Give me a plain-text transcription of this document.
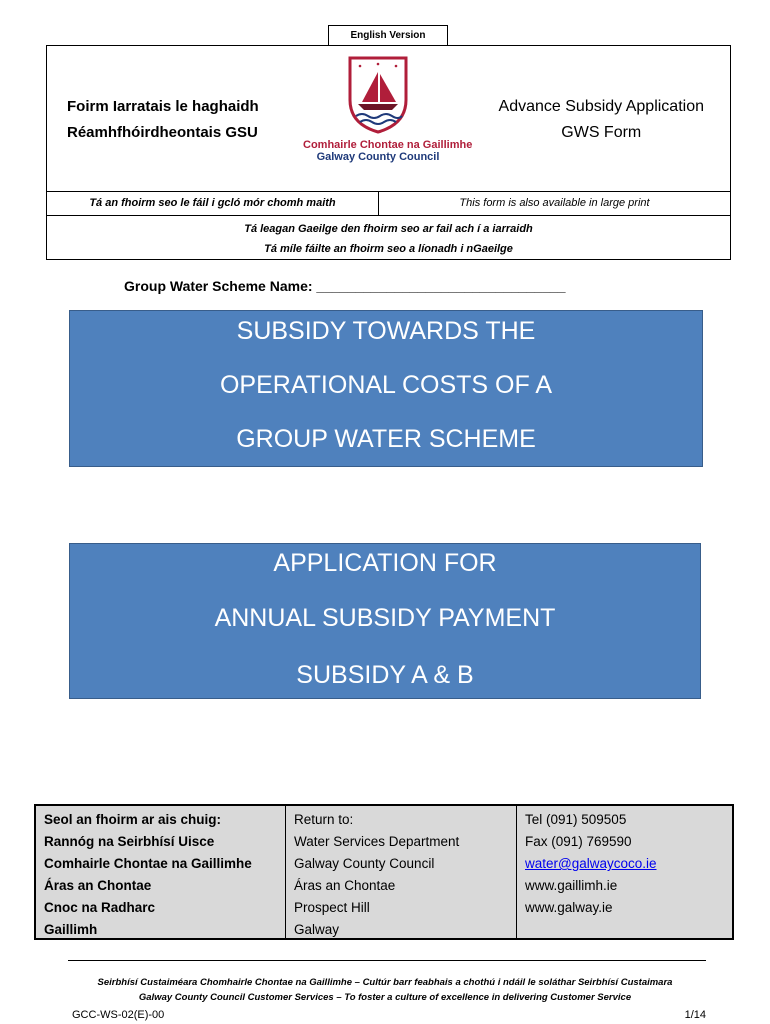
English Version
Foirm Iarratais le haghaidh
Réamhfhóirdheontais GSU
Comhairle Chontae na Gaillimhe
Galway County Council
Advance Subsidy Application
GWS Form
Tá an fhoirm seo le fáil i gcló mór chomh maith	This form is also available in large print
Tá leagan Gaeilge den fhoirm seo ar fail ach í a iarraidh
Tá míle fáilte an fhoirm seo a líonadh i nGaeilge
Group Water Scheme Name: ________________________________
SUBSIDY TOWARDS THE
OPERATIONAL COSTS OF A
GROUP WATER SCHEME
APPLICATION FOR
ANNUAL SUBSIDY PAYMENT
SUBSIDY A & B
Seol an fhoirm ar ais chuig:
Rannóg na Seirbhísí Uisce
Comhairle Chontae na Gaillimhe
Áras an Chontae
Cnoc na Radharc
Gaillimh
Return to:
Water Services Department
Galway County Council
Áras an Chontae
Prospect Hill
Galway
Tel (091) 509505
Fax (091) 769590
water@galwaycoco.ie
www.gaillimh.ie
www.galway.ie
Seirbhísí Custaiméara Chomhairle Chontae na Gaillimhe – Cultúr barr feabhais a chothú i ndáil le soláthar Seirbhísí Custaimara
Galway County Council Customer Services – To foster a culture of excellence in delivering Customer Service
GCC-WS-02(E)-00	1/14
